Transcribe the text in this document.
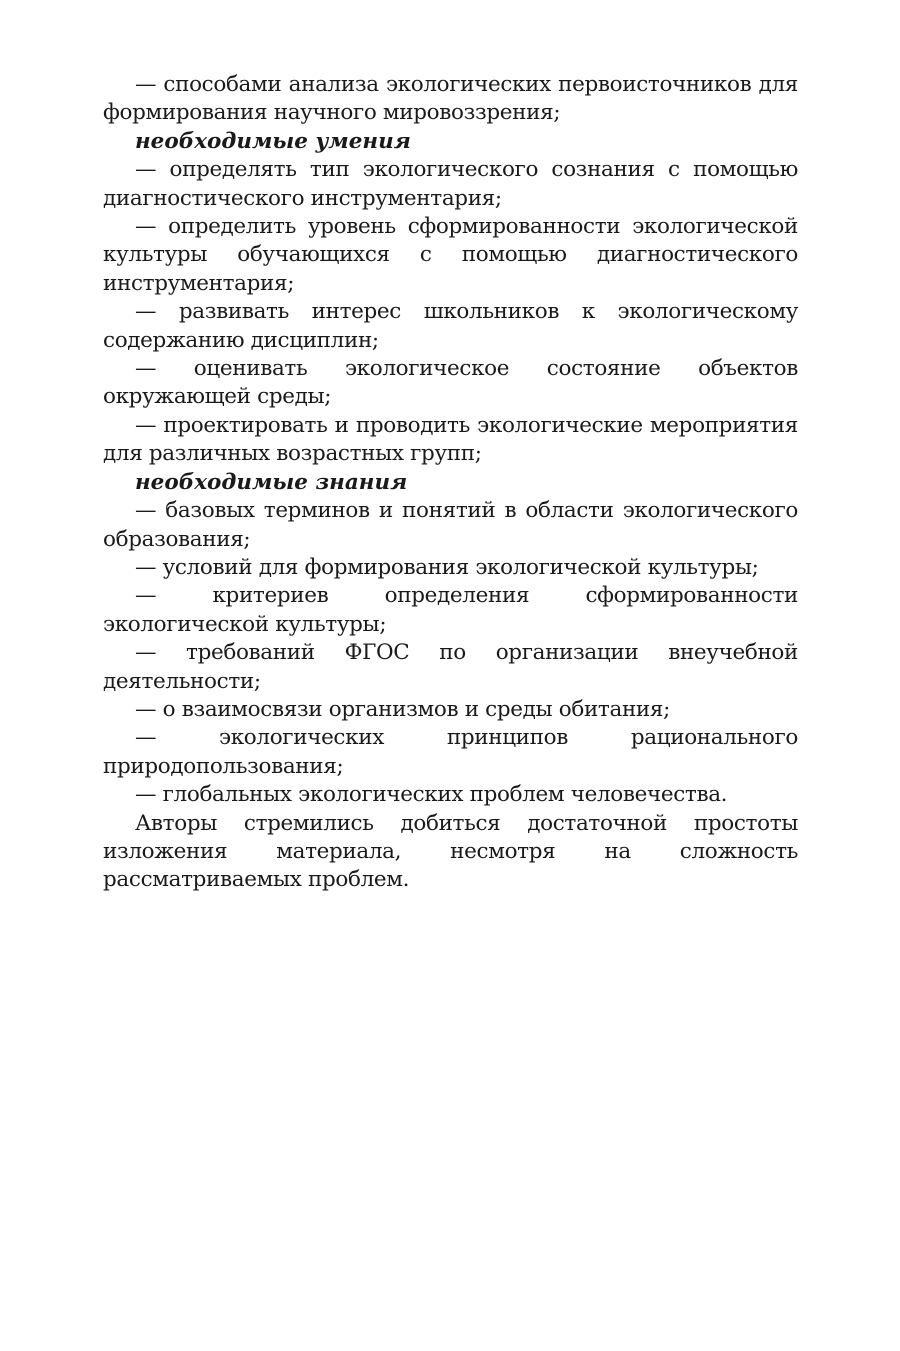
— способами анализа экологических первоисточников для формирования научного мировоззрения;

необходимые умения

— определять тип экологического сознания с помощью диагностического инструментария;

— определить уровень сформированности экологической культуры обучающихся с помощью диагностического инструментария;

— развивать интерес школьников к экологическому содержанию дисциплин;

— оценивать экологическое состояние объектов окружающей среды;

— проектировать и проводить экологические мероприятия для различных возрастных групп;

необходимые знания

— базовых терминов и понятий в области экологического образования;

— условий для формирования экологической культуры;

— критериев определения сформированности экологической культуры;

— требований ФГОС по организации внеучебной деятельности;

— о взаимосвязи организмов и среды обитания;

— экологических принципов рационального природопользования;

— глобальных экологических проблем человечества.

Авторы стремились добиться достаточной простоты изложения материала, несмотря на сложность рассматриваемых проблем.
